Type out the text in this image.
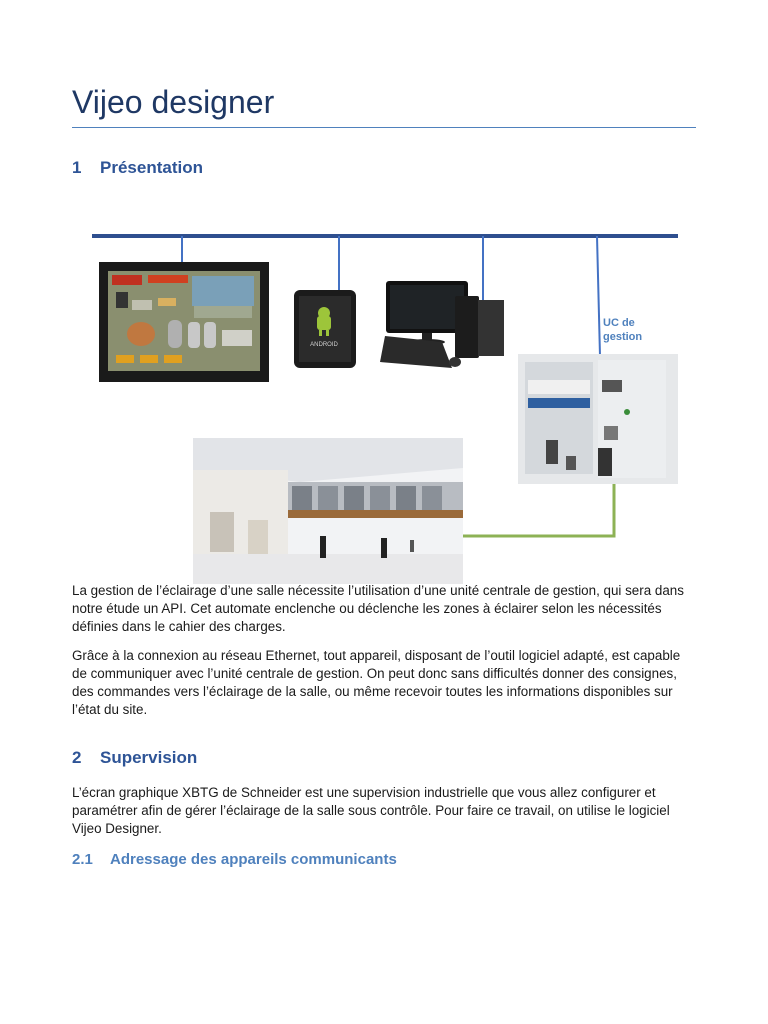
Vijeo designer
1 Présentation
ANDROID
UC de gestion

La gestion de l’éclairage d’une salle nécessite l’utilisation d’une unité centrale de gestion, qui sera dans notre étude un API. Cet automate enclenche ou déclenche les zones à éclairer selon les nécessités définies dans le cahier des charges.

Grâce à la connexion au réseau Ethernet, tout appareil, disposant de l’outil logiciel adapté, est capable de communiquer avec l’unité centrale de gestion. On peut donc sans difficultés donner des consignes, des commandes vers l’éclairage de la salle, ou même recevoir toutes les informations disponibles sur l’état du site.

2 Supervision

L’écran graphique XBTG de Schneider est une supervision industrielle que vous allez configurer et paramétrer afin de gérer l’éclairage de la salle sous contrôle. Pour faire ce travail, on utilise le logiciel Vijeo Designer.

2.1 Adressage des appareils communicants
